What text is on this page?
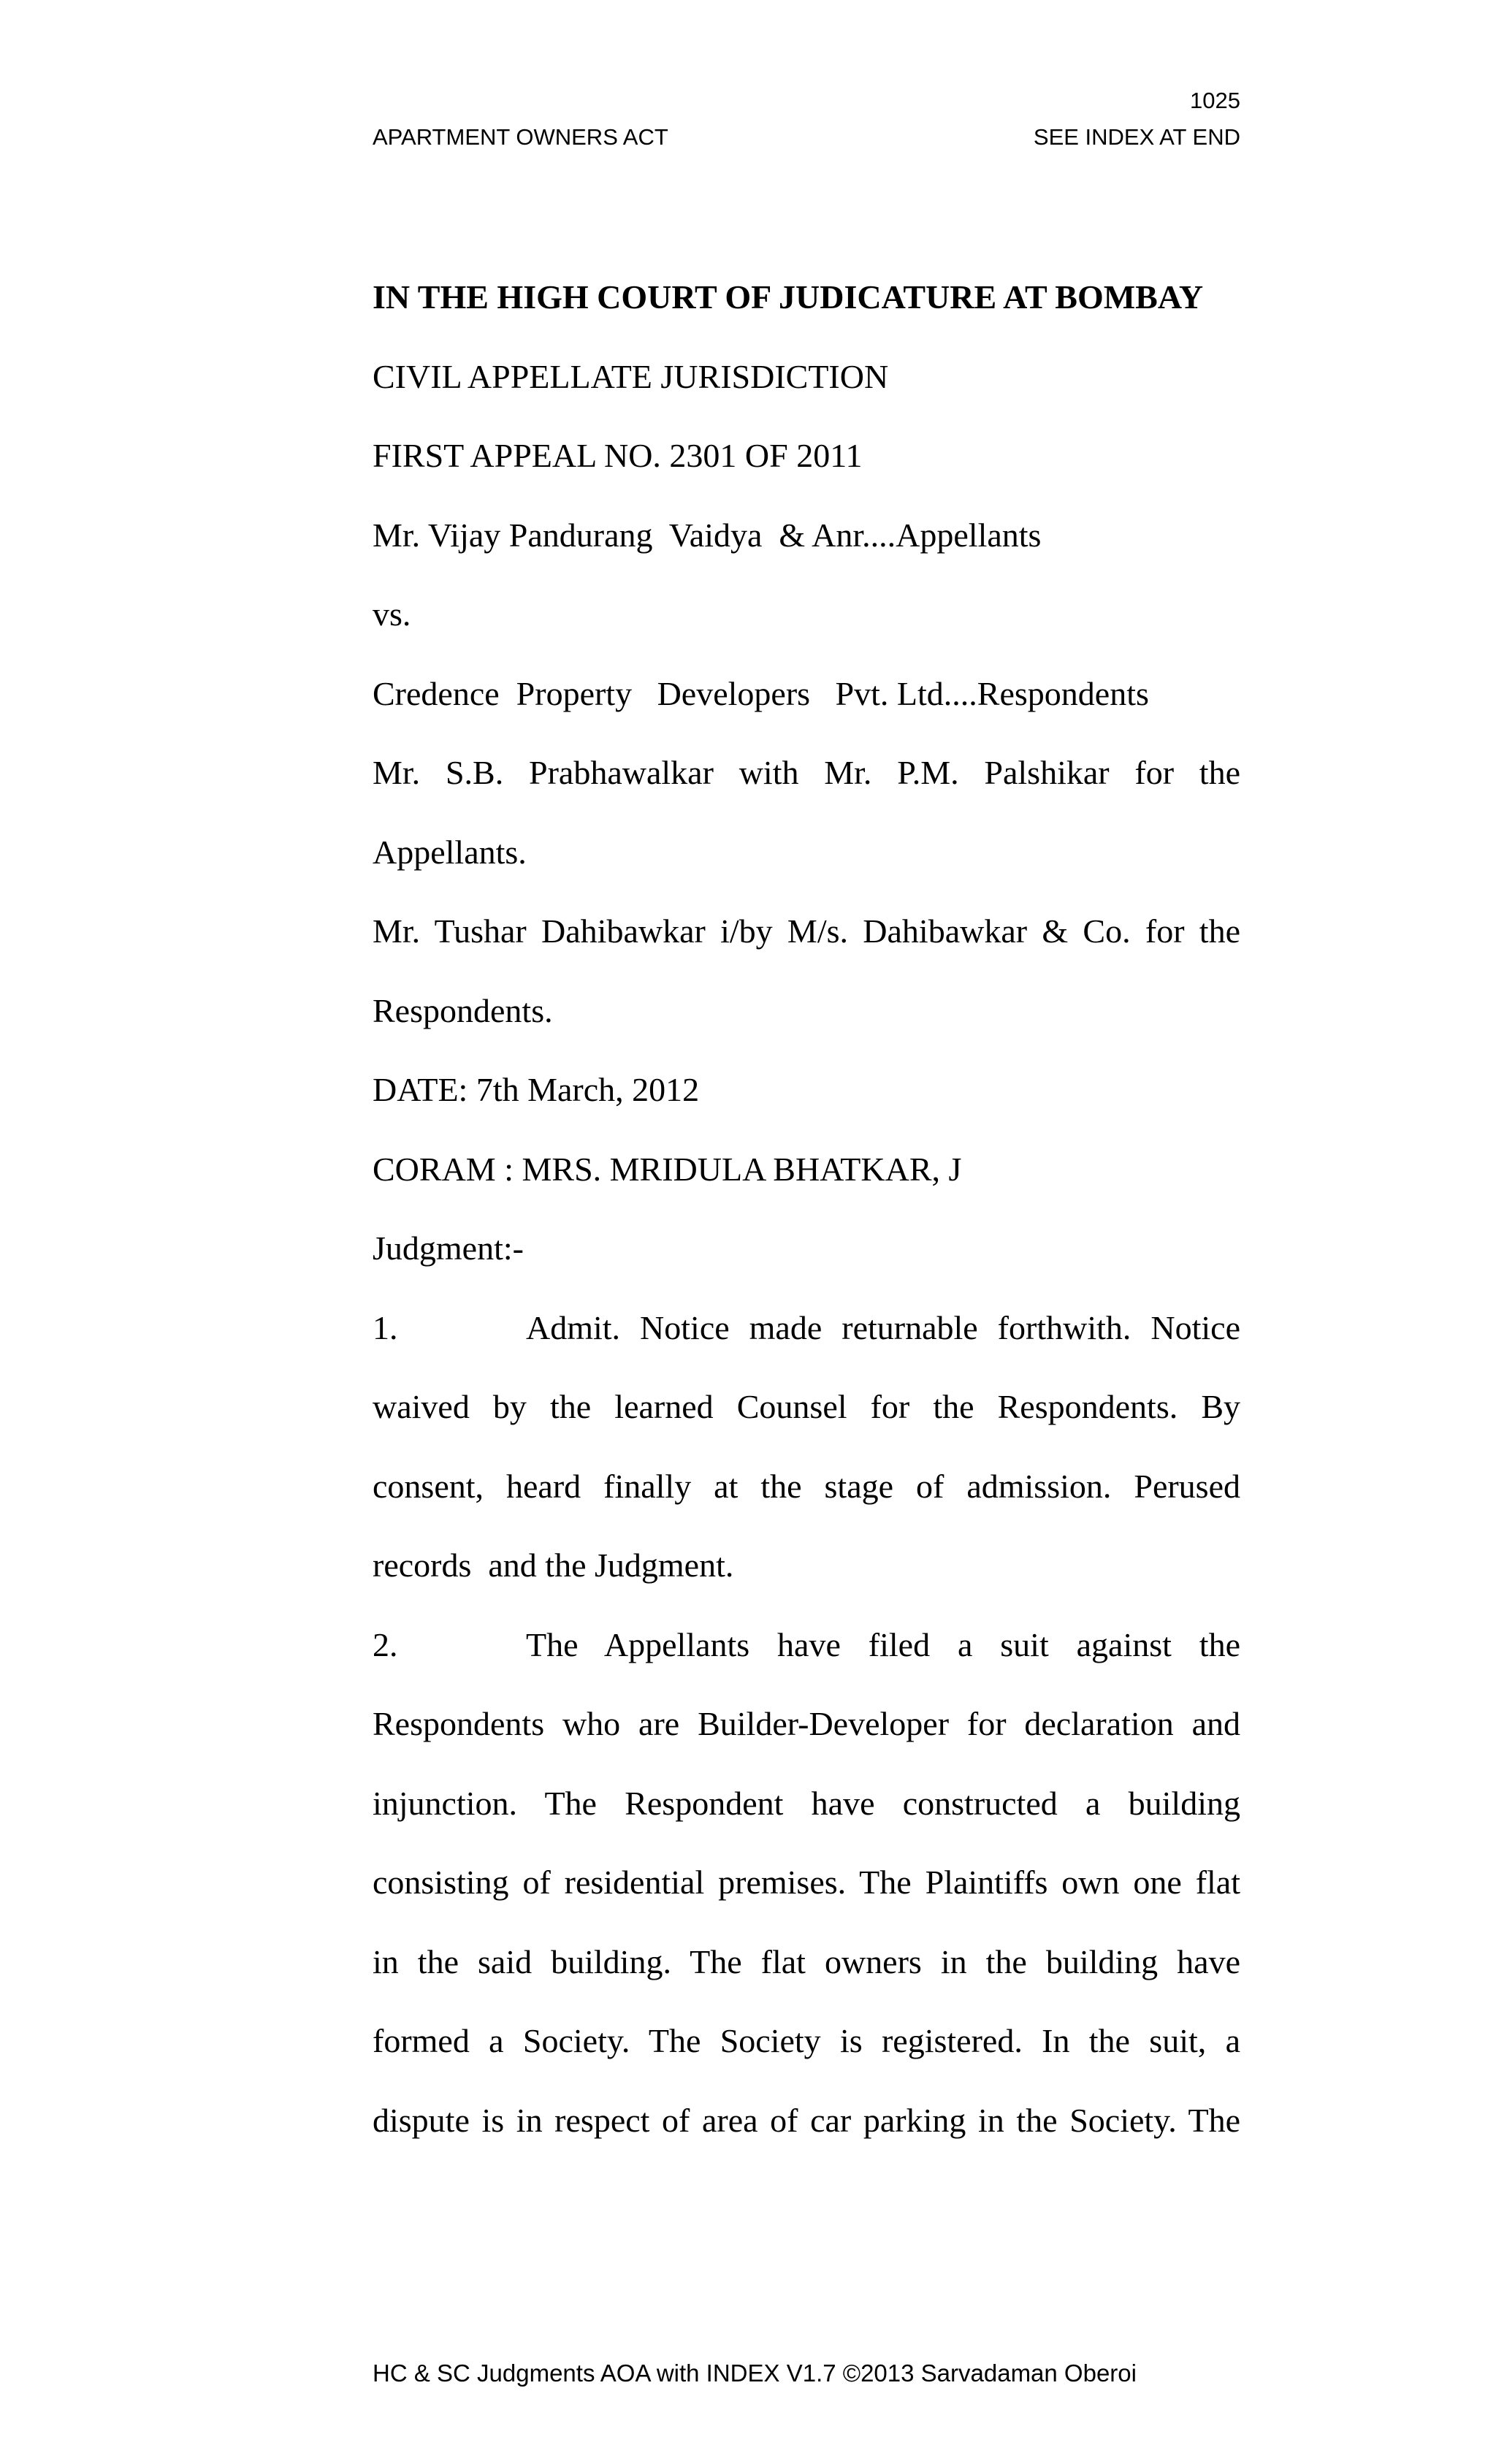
1025
APARTMENT OWNERS ACT	SEE INDEX AT END
IN THE HIGH COURT OF JUDICATURE AT BOMBAY
CIVIL APPELLATE JURISDICTION
FIRST APPEAL NO. 2301 OF 2011
Mr. Vijay Pandurang  Vaidya  & Anr....Appellants
vs.
Credence  Property   Developers   Pvt. Ltd....Respondents
Mr. S.B. Prabhawalkar with Mr. P.M. Palshikar for the
Appellants.
Mr. Tushar Dahibawkar i/by M/s. Dahibawkar & Co. for the
Respondents.
DATE: 7th March, 2012
CORAM : MRS. MRIDULA BHATKAR, J
Judgment:-
1.	Admit. Notice made returnable forthwith. Notice
waived by the learned Counsel for the Respondents. By
consent, heard finally at the stage of admission. Perused
records  and the Judgment.
2.	The Appellants have filed a suit against the
Respondents who are Builder-Developer for declaration and
injunction. The Respondent have constructed a building
consisting of residential premises. The Plaintiffs own one flat
in the said building. The flat owners in the building have
formed a Society. The Society is registered. In the suit, a
dispute is in respect of area of car parking in the Society. The
HC & SC Judgments AOA with INDEX V1.7 ©2013 Sarvadaman Oberoi
